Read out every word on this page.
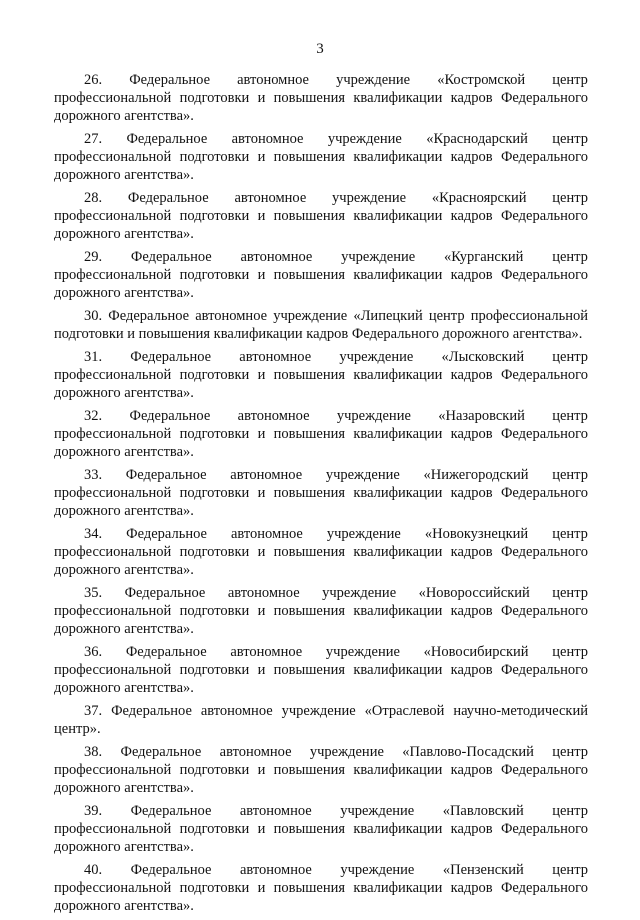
3
26. Федеральное автономное учреждение «Костромской центр
профессиональной подготовки и повышения квалификации кадров Федерального дорожного агентства».
27. Федеральное автономное учреждение «Краснодарский центр
профессиональной подготовки и повышения квалификации кадров Федерального дорожного агентства».
28. Федеральное автономное учреждение «Красноярский центр
профессиональной подготовки и повышения квалификации кадров Федерального дорожного агентства».
29. Федеральное автономное учреждение «Курганский центр
профессиональной подготовки и повышения квалификации кадров Федерального дорожного агентства».
30. Федеральное автономное учреждение «Липецкий центр профессиональной подготовки и повышения квалификации кадров Федерального дорожного агентства».
31. Федеральное автономное учреждение «Лысковский центр
профессиональной подготовки и повышения квалификации кадров Федерального дорожного агентства».
32. Федеральное автономное учреждение «Назаровский центр
профессиональной подготовки и повышения квалификации кадров Федерального дорожного агентства».
33. Федеральное автономное учреждение «Нижегородский центр
профессиональной подготовки и повышения квалификации кадров Федерального дорожного агентства».
34. Федеральное автономное учреждение «Новокузнецкий центр
профессиональной подготовки и повышения квалификации кадров Федерального дорожного агентства».
35. Федеральное автономное учреждение «Новороссийский центр
профессиональной подготовки и повышения квалификации кадров Федерального дорожного агентства».
36. Федеральное автономное учреждение «Новосибирский центр
профессиональной подготовки и повышения квалификации кадров Федерального дорожного агентства».
37. Федеральное автономное учреждение «Отраслевой научно-методический центр».
38. Федеральное автономное учреждение «Павлово-Посадский центр
профессиональной подготовки и повышения квалификации кадров Федерального дорожного агентства».
39. Федеральное автономное учреждение «Павловский центр
профессиональной подготовки и повышения квалификации кадров Федерального дорожного агентства».
40. Федеральное автономное учреждение «Пензенский центр
профессиональной подготовки и повышения квалификации кадров Федерального дорожного агентства».
